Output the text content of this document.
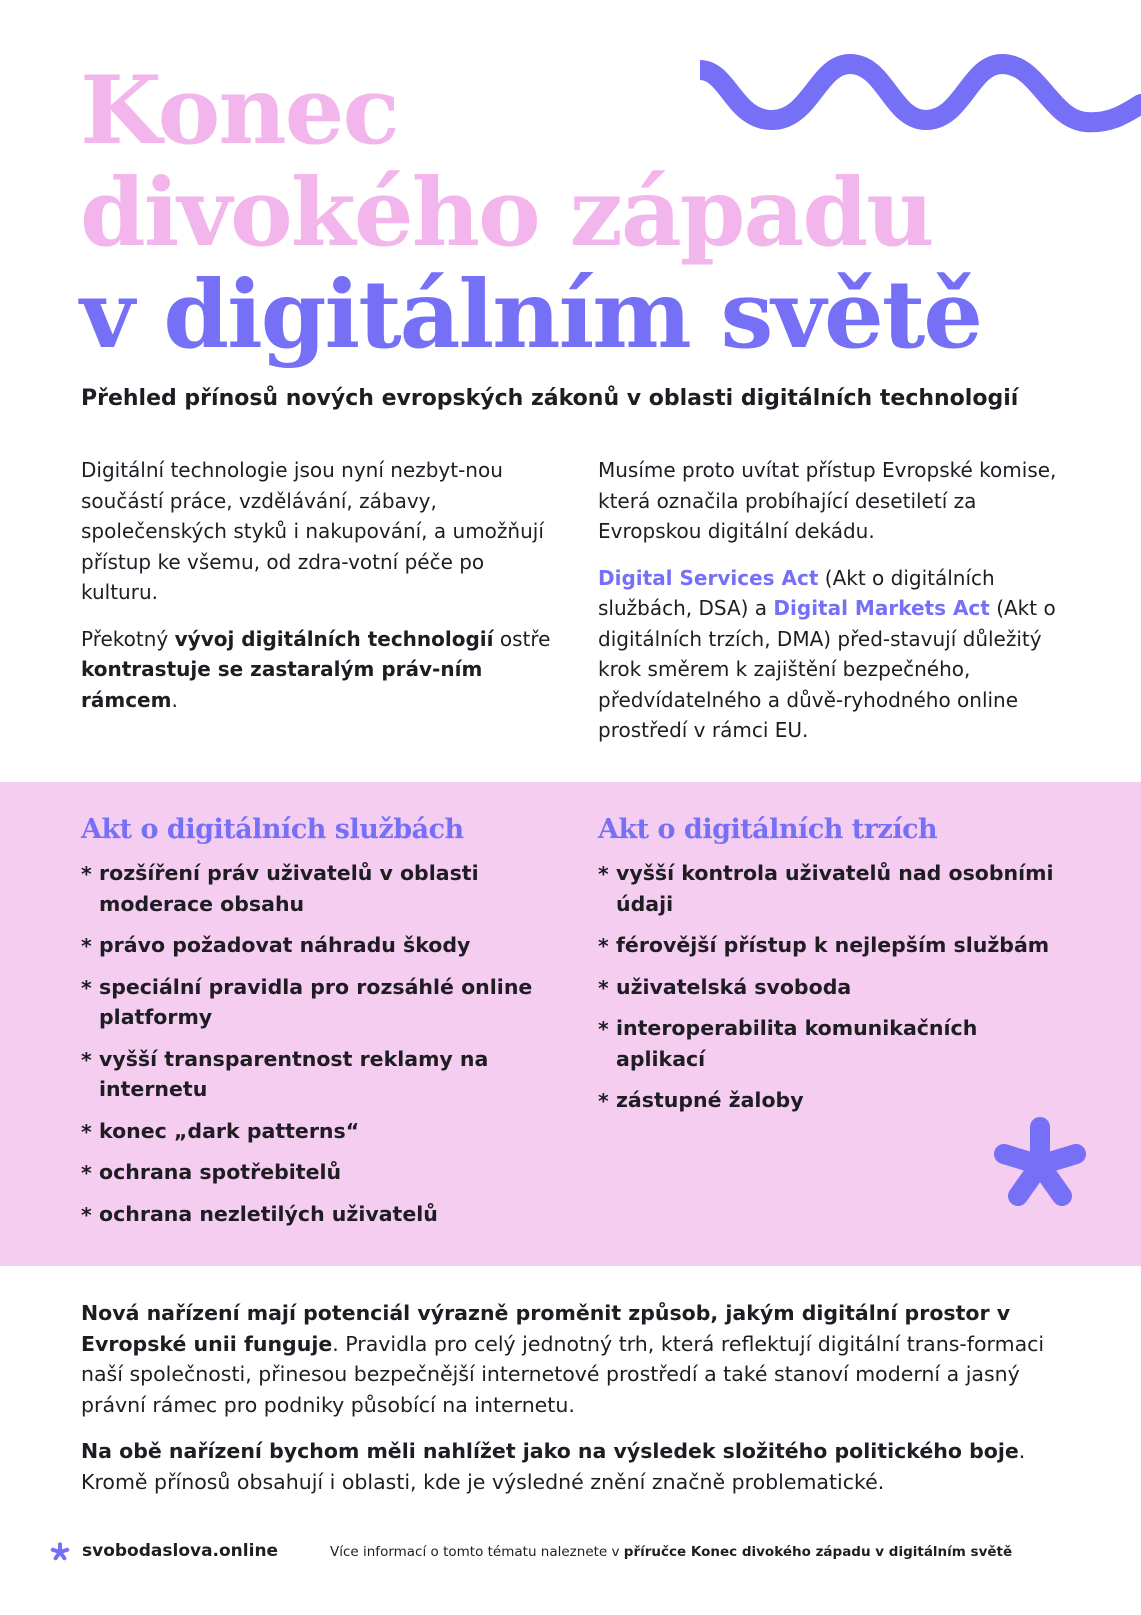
Konec
divokého západu
v digitálním světě
Přehled přínosů nových evropských zákonů v oblasti digitálních technologií

Digitální technologie jsou nyní nezbyt-nou součástí práce, vzdělávání, zábavy, společenských styků i nakupování, a umožňují přístup ke všemu, od zdra-votní péče po kulturu.

Překotný vývoj digitálních technologií ostře kontrastuje se zastaralým práv-ním rámcem.

Musíme proto uvítat přístup Evropské komise, která označila probíhající desetiletí za Evropskou digitální dekádu.

Digital Services Act (Akt o digitálních službách, DSA) a Digital Markets Act (Akt o digitálních trzích, DMA) před-stavují důležitý krok směrem k zajištění bezpečného, předvídatelného a důvě-ryhodného online prostředí v rámci EU.

Akt o digitálních službách
* rozšíření práv uživatelů v oblasti moderace obsahu
* právo požadovat náhradu škody
* speciální pravidla pro rozsáhlé online platformy
* vyšší transparentnost reklamy na internetu
* konec „dark patterns“
* ochrana spotřebitelů
* ochrana nezletilých uživatelů
Akt o digitálních trzích
* vyšší kontrola uživatelů nad osobními údaji
* férovější přístup k nejlepším službám
* uživatelská svoboda
* interoperabilita komunikačních aplikací
* zástupné žaloby

Nová nařízení mají potenciál výrazně proměnit způsob, jakým digitální prostor v Evropské unii funguje. Pravidla pro celý jednotný trh, která reflektují digitální trans-formaci naší společnosti, přinesou bezpečnější internetové prostředí a také stanoví moderní a jasný právní rámec pro podniky působící na internetu.

Na obě nařízení bychom měli nahlížet jako na výsledek složitého politického boje. Kromě přínosů obsahují i oblasti, kde je výsledné znění značně problematické.

svobodaslova.online	Více informací o tomto tématu naleznete v příručce Konec divokého západu v digitálním světě
